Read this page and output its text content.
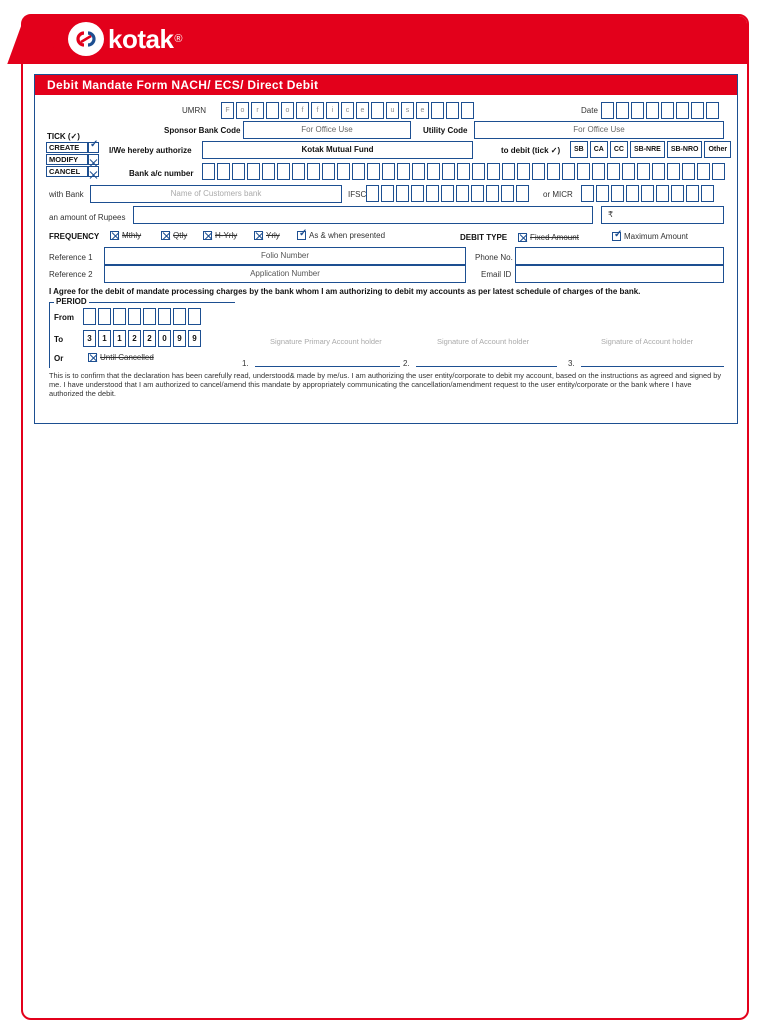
kotak ®
Debit Mandate Form NACH/ ECS/ Direct Debit
UMRN	F	o	r	o	f	f	i	c	e	u	s	e	Date
TICK (✓)
CREATE	✓
MODIFY
CANCEL
Sponsor Bank Code	For Office Use	Utility Code	For Office Use
I/We hereby authorize	Kotak Mutual Fund	to debit (tick ✓)	SB	CA	CC	SB-NRE	SB-NRO	Other
Bank a/c number
with Bank	Name of Customers bank	IFSC	or MICR
an amount of Rupees	₹
FREQUENCY	Mthly	Qtly	H-Yrly	Yrly ✓ As & when presented	DEBIT TYPE	Fixed Amount	✓ Maximum Amount
Reference 1	Folio Number	Phone No.
Reference 2	Application Number	Email ID
I Agree for the debit of mandate processing charges by the bank whom I am authorizing to debit my accounts as per latest schedule of charges of the bank.
PERIOD
From
To	3	1	1	2	2	0	9	9
Or	Until Cancelled
Signature Primary Account holder
1.
Signature of Account holder
2.
Signature of Account holder
3.
This is to confirm that the declaration has been carefully read, understood& made by me/us. I am authorizing the user entity/corporate to debit my account, based on the instructions as agreed and signed by me. I have understood that I am authorized to cancel/amend this mandate by appropriately communicating the cancellation/amendment request to the user entity/corporate or the bank where I have authorized the debit.
